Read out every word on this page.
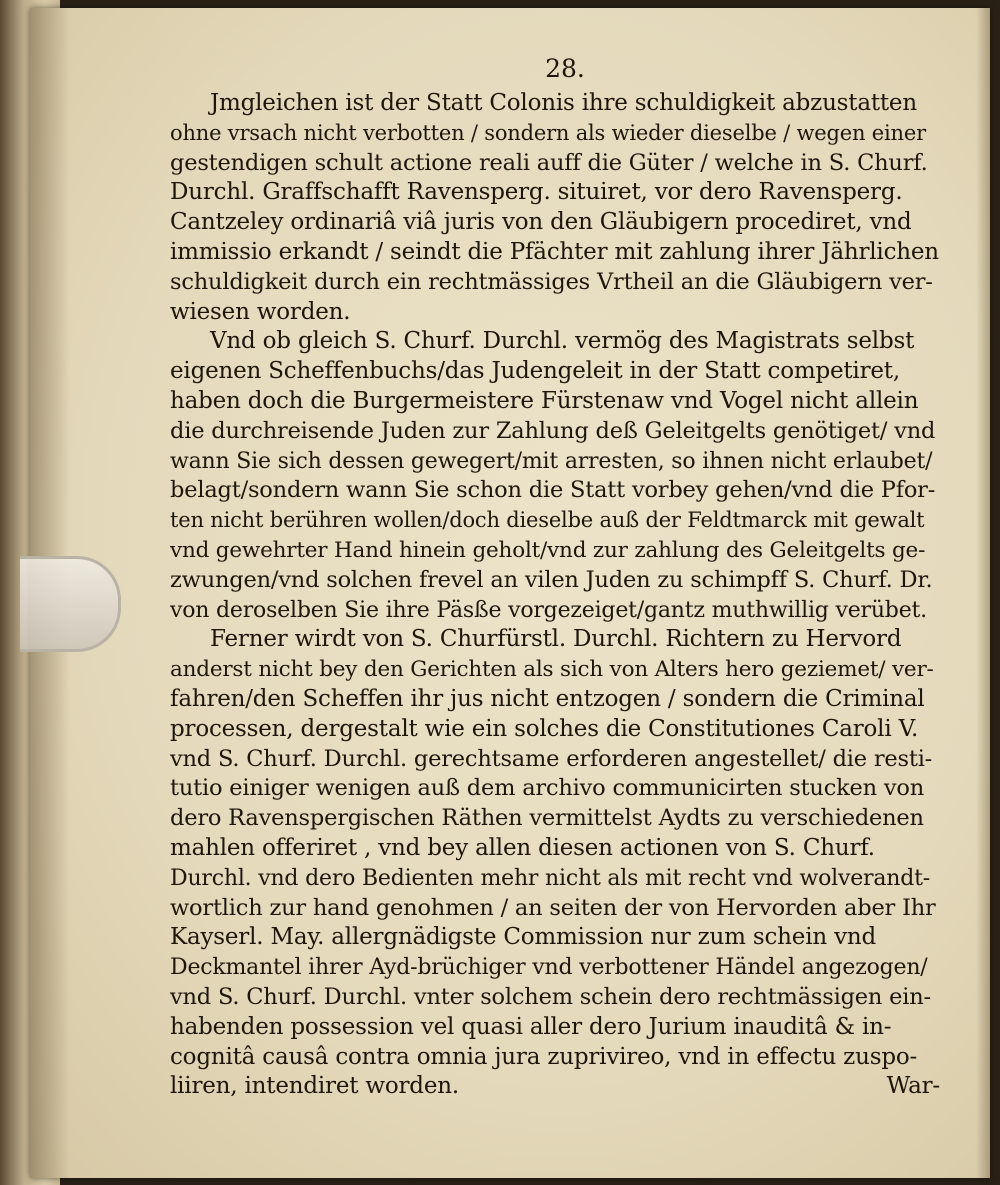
28.
Jmgleichen ist der Statt Colonis ihre schuldigkeit abzustatten
ohne vrsach nicht verbotten / sondern als wieder dieselbe / wegen einer
gestendigen schult actione reali auff die Güter / welche in S. Churf.
Durchl. Graffschafft Ravensperg. situiret, vor dero Ravensperg.
Cantzeley ordinariâ viâ juris von den Gläubigern procediret, vnd
immissio erkandt / seindt die Pfächter mit zahlung ihrer Jährlichen
schuldigkeit durch ein rechtmässiges Vrtheil an die Gläubigern ver-
wiesen worden.
Vnd ob gleich S. Churf. Durchl. vermög des Magistrats selbst
eigenen Scheffenbuchs/das Judengeleit in der Statt competiret,
haben doch die Burgermeistere Fürstenaw vnd Vogel nicht allein
die durchreisende Juden zur Zahlung deß Geleitgelts genötiget/ vnd
wann Sie sich dessen gewegert/mit arresten, so ihnen nicht erlaubet/
belagt/sondern wann Sie schon die Statt vorbey gehen/vnd die Pfor-
ten nicht berühren wollen/doch dieselbe auß der Feldtmarck mit gewalt
vnd gewehrter Hand hinein geholt/vnd zur zahlung des Geleitgelts ge-
zwungen/vnd solchen frevel an vilen Juden zu schimpff S. Churf. Dr.
von deroselben Sie ihre Päsße vorgezeiget/gantz muthwillig verübet.
Ferner wirdt von S. Churfürstl. Durchl. Richtern zu Hervord
anderst nicht bey den Gerichten als sich von Alters hero geziemet/ ver-
fahren/den Scheffen ihr jus nicht entzogen / sondern die Criminal
processen, dergestalt wie ein solches die Constitutiones Caroli V.
vnd S. Churf. Durchl. gerechtsame erforderen angestellet/ die resti-
tutio einiger wenigen auß dem archivo communicirten stucken von
dero Ravenspergischen Räthen vermittelst Aydts zu verschiedenen
mahlen offeriret , vnd bey allen diesen actionen von S. Churf.
Durchl. vnd dero Bedienten mehr nicht als mit recht vnd wolverandt-
wortlich zur hand genohmen / an seiten der von Hervorden aber Ihr
Kayserl. May. allergnädigste Commission nur zum schein vnd
Deckmantel ihrer Ayd-brüchiger vnd verbottener Händel angezogen/
vnd S. Churf. Durchl. vnter solchem schein dero rechtmässigen ein-
habenden possession vel quasi aller dero Jurium inauditâ & in-
cognitâ causâ contra omnia jura zuprivireo, vnd in effectu zuspo-
liiren, intendiret worden.	War-
